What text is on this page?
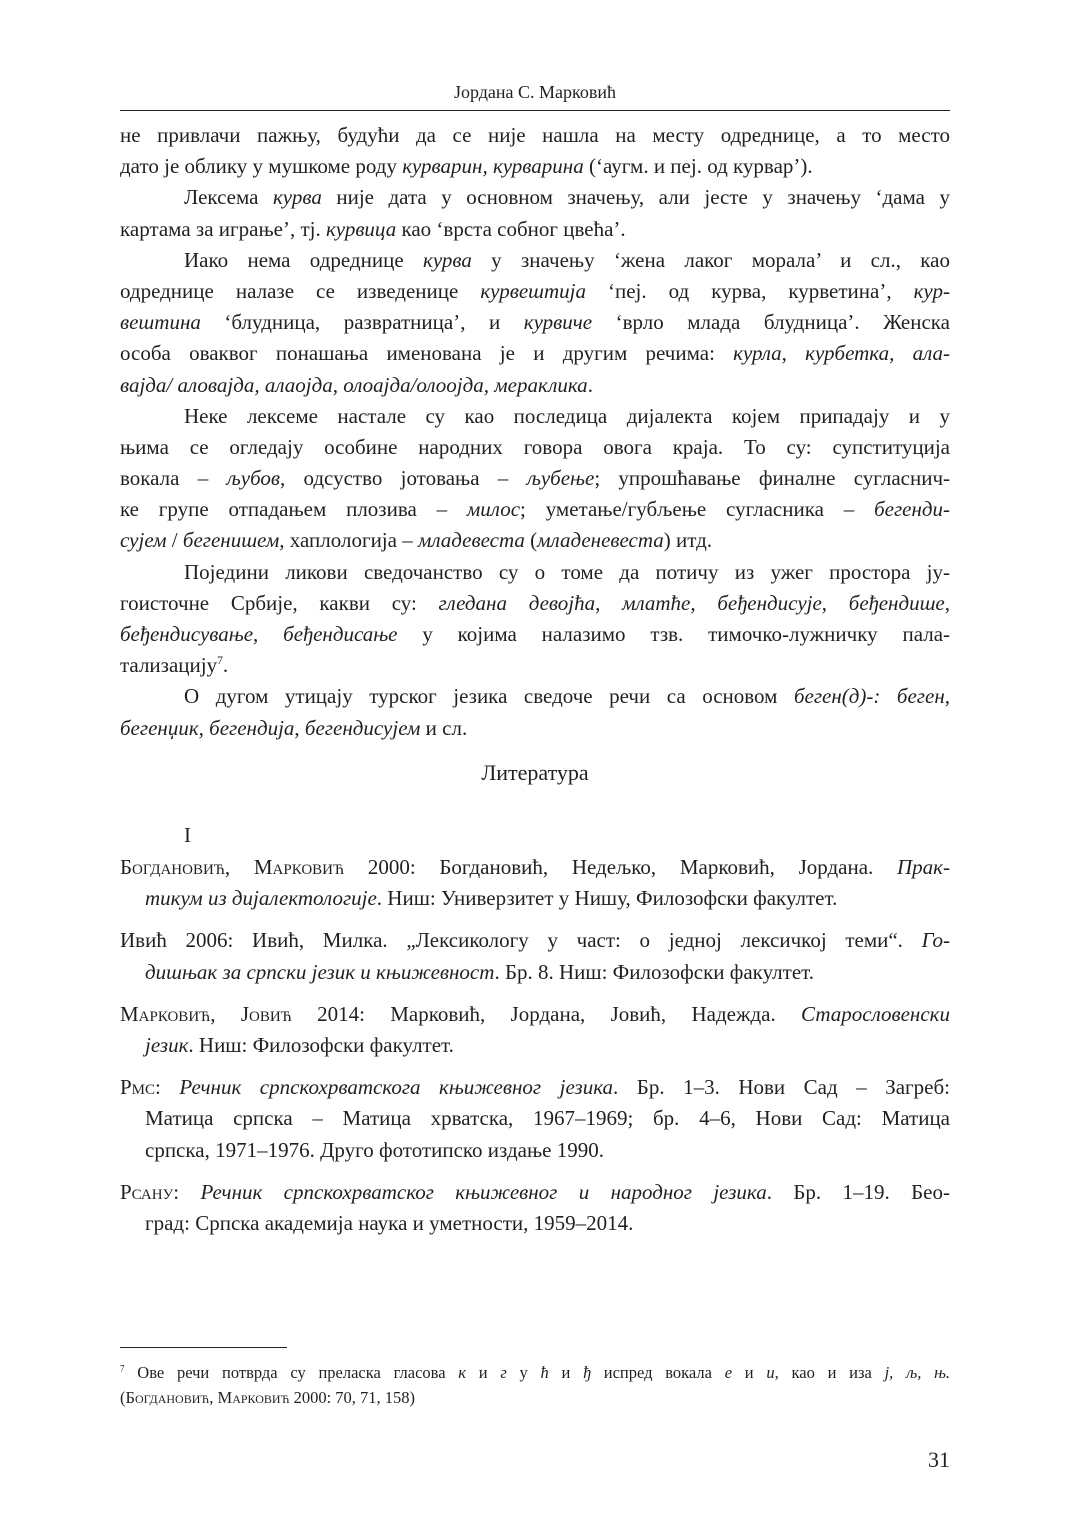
Јордана С. Марковић
не привлачи пажњу, будући да се није нашла на месту одреднице, а то место
дато је облику у мушкоме роду курварин, курварина (‘аугм. и пеј. од курвар’).
Лексема курва није дата у основном значењу, али јесте у значењу ‘дама у
картама за играње’, тј. курвица као ‘врста собног цвећа’.
Иако нема одреднице курва у значењу ‘жена лаког морала’ и сл., као
одреднице налазе се изведенице курвештија ‘пеј. од курва, курветина’, кур-
вештина ‘блудница, развратница’, и курвиче ‘врло млада блудница’. Женска
особа оваквог понашања именована је и другим речима: курла, курбетка, ала-
вајда/ аловајда, алаојда, олоајда/олоојда, мераклика.
Неке лексеме настале су као последица дијалекта којем припадају и у
њима се огледају особине народних говора овога краја. То су: супституција
вокала – љубов, одсуство јотовања – љубење; упрошћавање финалне сугласнич-
ке групе отпадањем плозива – милос; уметање/губљење сугласника – бегенди-
сујем / бегенишем, хаплологија – младевеста (младеневеста) итд.
Поједини ликови сведочанство су о томе да потичу из ужег простора ју-
гоисточне Србије, какви су: гледана девојћа, млатће, беђендисује, беђендише,
беђендисување, беђендисање у којима налазимо тзв. тимочко-лужничку пала-
тализацију$^7$.
О дугом утицају турског језика сведоче речи са основом беген(д)-: беген,
бегенџик, бегендија, бегендисујем и сл.
Литература
I
Богдановић, Марковић 2000: Богдановић, Недељко, Марковић, Јордана. Прак-
тикум из дијалектологије. Ниш: Универзитет у Нишу, Филозофски факултет.
Ивић 2006: Ивић, Милка. „Лексикологу у част: о једној лексичкој теми“. Го-
дишњак за српски језик и књижевност. Бр. 8. Ниш: Филозофски факултет.
Марковић, Јовић 2014: Марковић, Јордана, Јовић, Надежда. Старословенски
језик. Ниш: Филозофски факултет.
Рмс: Речник српскохрватскога књижевног језика. Бр. 1–3. Нови Сад – Загреб:
Матица српска – Матица хрватска, 1967–1969; бр. 4–6, Нови Сад: Матица
српска, 1971–1976. Друго фототипско издање 1990.
Рсану: Речник српскохрватског књижевног и народног језика. Бр. 1–19. Бео-
град: Српска академија наука и уметности, 1959–2014.
$^7$ Ове речи потврда су преласка гласова к и г у ћ и ђ испред вокала е и и, као и иза ј, љ, њ.
(Богдановић, Марковић 2000: 70, 71, 158)
31
